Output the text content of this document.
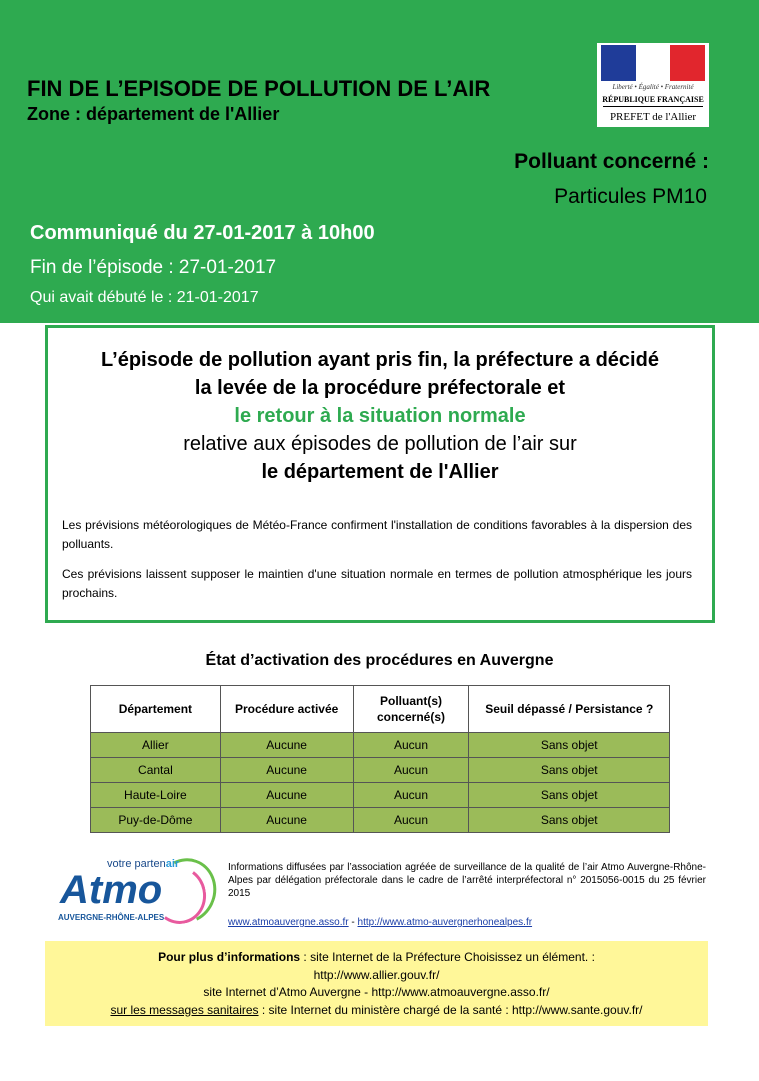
FIN DE L’EPISODE DE POLLUTION DE L’AIR
Zone : département de l'Allier
Liberté • Égalité • Fraternité
RÉPUBLIQUE FRANÇAISE
PREFET de l'Allier
Polluant concerné :
Particules PM10
Communiqué du 27-01-2017 à 10h00
Fin de l’épisode : 27-01-2017
Qui avait débuté le : 21-01-2017
L’épisode de pollution ayant pris fin, la préfecture a décidé
la levée de la procédure préfectorale et
le retour à la situation normale
relative aux épisodes de pollution de l’air sur
le département de l'Allier
Les prévisions météorologiques de Météo-France confirment l'installation de conditions favorables à la dispersion des polluants.
Ces prévisions laissent supposer le maintien d'une situation normale en termes de pollution atmosphérique les jours prochains.
État d’activation des procédures en Auvergne
Département	Procédure activée	Polluant(s) concerné(s)	Seuil dépassé / Persistance ?
Allier	Aucune	Aucun	Sans objet
Cantal	Aucune	Aucun	Sans objet
Haute-Loire	Aucune	Aucun	Sans objet
Puy-de-Dôme	Aucune	Aucun	Sans objet
votre partenair
Atmo
AUVERGNE-RHÔNE-ALPES
Informations diffusées par l’association agréée de surveillance de la qualité de l’air Atmo Auvergne-Rhône-Alpes par délégation préfectorale dans le cadre de l’arrêté interpréfectoral n° 2015056-0015 du 25 février 2015
www.atmoauvergne.asso.fr - http://www.atmo-auvergnerhonealpes.fr
Pour plus d’informations : site Internet de la Préfecture Choisissez un élément. :
http://www.allier.gouv.fr/
site Internet d’Atmo Auvergne - http://www.atmoauvergne.asso.fr/
sur les messages sanitaires : site Internet du ministère chargé de la santé : http://www.sante.gouv.fr/
